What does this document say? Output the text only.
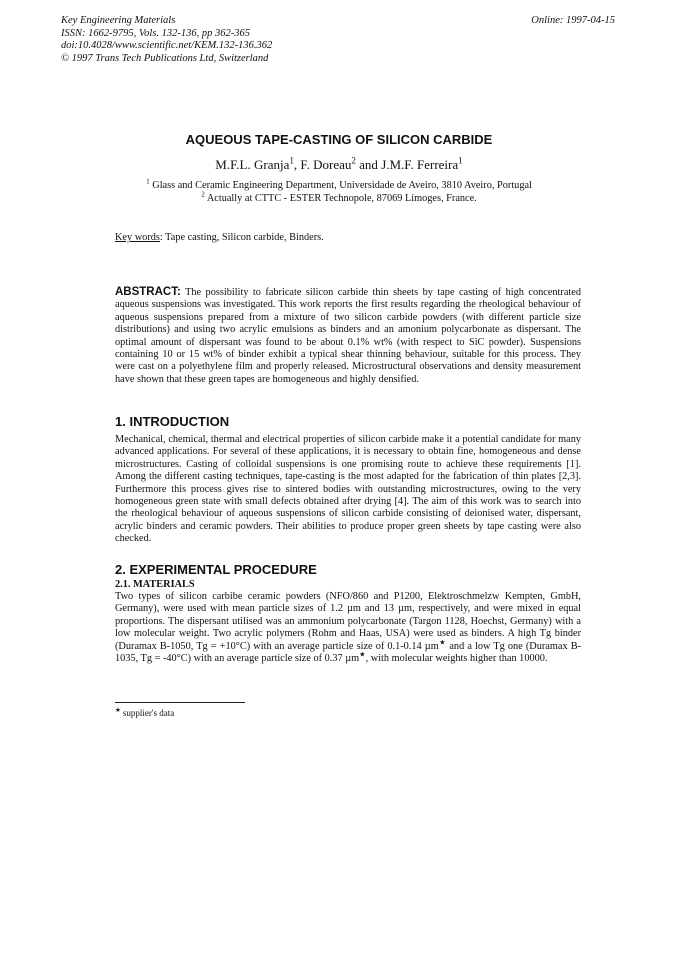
Key Engineering Materials
ISSN: 1662-9795, Vols. 132-136, pp 362-365
doi:10.4028/www.scientific.net/KEM.132-136.362
© 1997 Trans Tech Publications Ltd, Switzerland
Online: 1997-04-15
AQUEOUS TAPE-CASTING OF SILICON CARBIDE
M.F.L. Granja$^1$, F. Doreau$^2$ and J.M.F. Ferreira$^1$
$^1$ Glass and Ceramic Engineering Department, Universidade de Aveiro, 3810 Aveiro, Portugal
$^2$ Actually at CTTC - ESTER Technopole, 87069 Limoges, France.
Key words: Tape casting, Silicon carbide, Binders.
ABSTRACT: The possibility to fabricate silicon carbide thin sheets by tape casting of high concentrated aqueous suspensions was investigated. This work reports the first results regarding the rheological behaviour of aqueous suspensions prepared from a mixture of two silicon carbide powders (with different particle size distributions) and using two acrylic emulsions as binders and an amonium polycarbonate as dispersant. The optimal amount of dispersant was found to be about 0.1% wt% (with respect to SiC powder). Suspensions containing 10 or 15 wt% of binder exhibit a typical shear thinning behaviour, suitable for this process. They were cast on a polyethylene film and properly released. Microstructural observations and density measurement have shown that these green tapes are homogeneous and highly densified.
1. INTRODUCTION
Mechanical, chemical, thermal and electrical properties of silicon carbide make it a potential candidate for many advanced applications. For several of these applications, it is necessary to obtain fine, homogeneous and dense microstructures. Casting of colloidal suspensions is one promising route to achieve these requirements [1]. Among the different casting techniques, tape-casting is the most adapted for the fabrication of thin plates [2,3]. Furthermore this process gives rise to sintered bodies with outstanding microstructures, owing to the very homogeneous green state with small defects obtained after drying [4]. The aim of this work was to search into the rheological behaviour of aqueous suspensions of silicon carbide consisting of deionised water, dispersant, acrylic binders and ceramic powders. Their abilities to produce proper green sheets by tape casting were also checked.
2. EXPERIMENTAL PROCEDURE
2.1. MATERIALS
Two types of silicon carbibe ceramic powders (NFO/860 and P1200, Elektroschmelzw Kempten, GmbH, Germany), were used with mean particle sizes of 1.2 µm and 13 µm, respectively, and were mixed in equal proportions. The dispersant utilised was an ammonium polycarbonate (Targon 1128, Hoechst, Germany) with a low molecular weight. Two acrylic polymers (Rohm and Haas, USA) were used as binders. A high Tg binder (Duramax B-1050, Tg = +10°C) with an average particle size of 0.1-0.14 µm★ and a low Tg one (Duramax B-1035, Tg = -40°C) with an average particle size of 0.37 µm★, with molecular weights higher than 10000.
★ supplier's data
